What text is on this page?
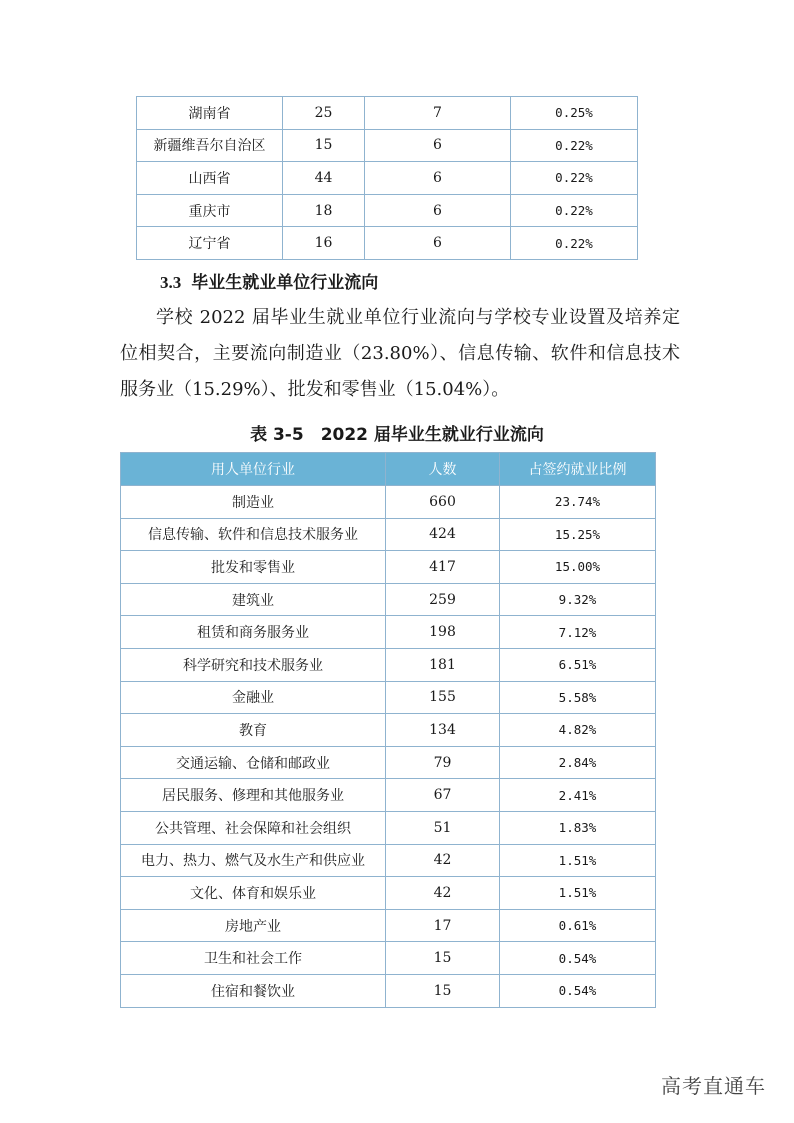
湖南省	25	7	0.25%
新疆维吾尔自治区	15	6	0.22%
山西省	44	6	0.22%
重庆市	18	6	0.22%
辽宁省	16	6	0.22%
3.3 毕业生就业单位行业流向

学校 2022 届毕业生就业单位行业流向与学校专业设置及培养定位相契合，主要流向制造业（23.80%）、信息传输、软件和信息技术服务业（15.29%）、批发和零售业（15.04%）。

表 3-5　2022 届毕业生就业行业流向

用人单位行业	人数	占签约就业比例
制造业	660	23.74%
信息传输、软件和信息技术服务业	424	15.25%
批发和零售业	417	15.00%
建筑业	259	9.32%
租赁和商务服务业	198	7.12%
科学研究和技术服务业	181	6.51%
金融业	155	5.58%
教育	134	4.82%
交通运输、仓储和邮政业	79	2.84%
居民服务、修理和其他服务业	67	2.41%
公共管理、社会保障和社会组织	51	1.83%
电力、热力、燃气及水生产和供应业	42	1.51%
文化、体育和娱乐业	42	1.51%
房地产业	17	0.61%
卫生和社会工作	15	0.54%
住宿和餐饮业	15	0.54%
高考直通车
